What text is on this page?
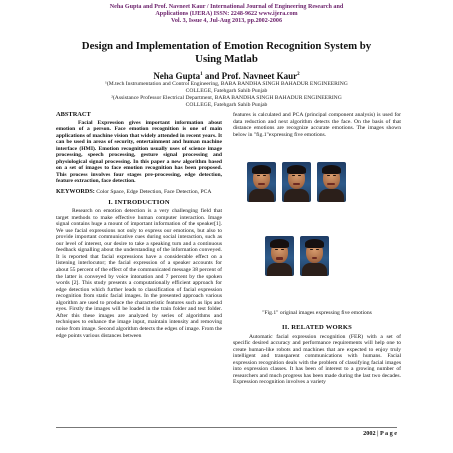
Neha Gupta and Prof. Navneet Kaur / International Journal of Engineering Research and
Applications (IJERA) ISSN: 2248-9622 www.ijera.com
Vol. 3, Issue 4, Jul-Aug 2013, pp.2002-2006
Design and Implementation of Emotion Recognition System by
Using Matlab
Neha Gupta$^1$ and Prof. Navneet Kaur$^2$
¹(M.tech Instrumentation and Control Engineering, BABA BANDHA SINGH BAHADUR ENGINEERING
COLLEGE, Fatehgarh Sahib Punjab
²(Assistance Professor Electrical Department, BABA BANDHA SINGH BAHADUR ENGINEERING
COLLEGE, Fatehgarh Sahib Punjab
ABSTRACT
Facial Expression gives important information about emotion of a person. Face emotion recognition is one of main applications of machine vision that widely attended in recent years. It can be used in areas of security, entertainment and human machine interface (HMI). Emotion recognition usually uses of science image processing, speech processing, gesture signal processing and physiological signal processing. In this paper a new algorithm based on a set of images to face emotion recognition has been proposed. This process involves four stages pre-processing, edge detection, feature extraction, face detection.
KEYWORDS: Color Space, Edge Detection, Face Detection, PCA
I. INTRODUCTION
Research on emotion detection is a very challenging field that target methods to make effective human computer interaction. Image signal contains huge a mount of important information of the speaker[1]. We use facial expressions not only to express our emotions, but also to provide important communicative cues during social interaction, such as our level of interest, our desire to take a speaking turn and a continuous feedback signalling about the understanding of the information conveyed. It is reported that facial expressions have a considerable effect on a listening interlocutor; the facial expression of a speaker accounts for about 55 percent of the effect of the communicated message 38 percent of the latter is conveyed by voice intonation and 7 percent by the spoken words [2]. This study presents a computationally efficient approach for edge detection which further leads to classification of facial expression recognition from static facial images. In the presented approach various algorithm are used to produce the characteristic features such as lips and eyes. Firstly the images will be loaded in the train folder and test folder. After this these images are analyzed by series of algorithms and techniques to enhance the image input, maintain intensity and removing noise from image. Second algorithm detects the edges of image. From the edge points various distances between
features is calculated and PCA (principal component analysis) is used for data reduction and next algorithm detects the face. On the basis of that distance emotions are recognize accurate emotions. The images shown below in "fig.1"expressing five emotions.
"Fig.1" original images expressing five emotions
II. RELATED WORKS
Automatic facial expression recognition (FER) with a set of specific desired accuracy and performance requirements will help one to create human-like robots and machines that are expected to enjoy truly intelligent and transparent communications with humans. Facial expression recognition deals with the problem of classifying facial images into expression classes. It has been of interest to a growing number of researchers and much progress has been made during the last two decades. Expression recognition involves a variety
2002 | P a g e
